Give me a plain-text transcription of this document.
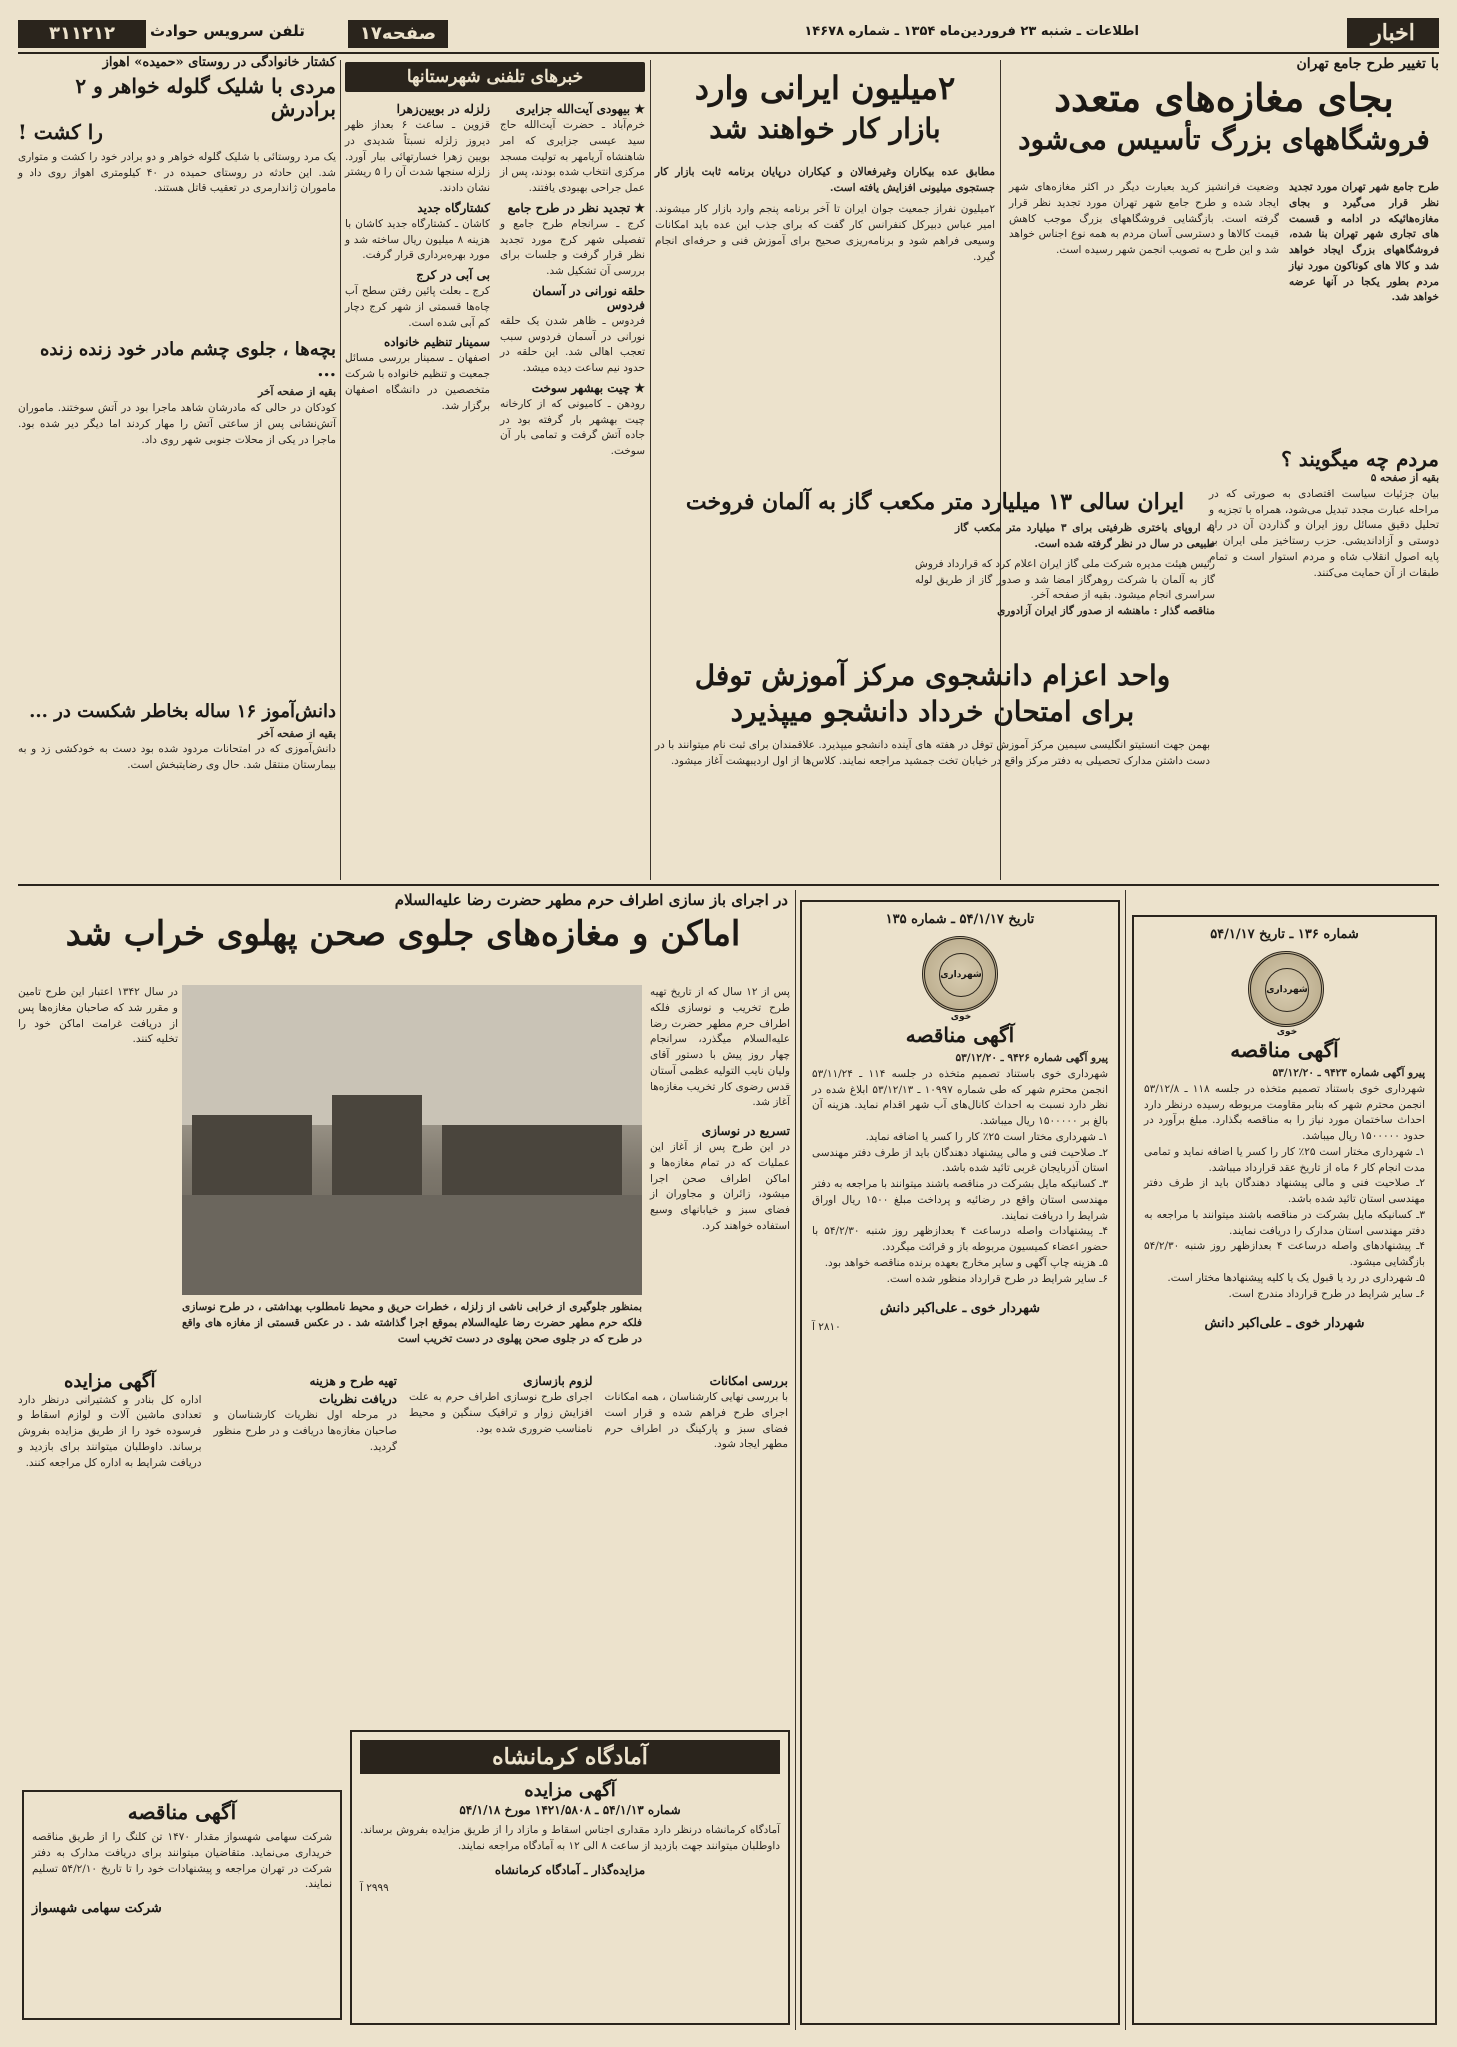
اخبار
اطلاعات ـ شنبه ۲۳ فروردین‌ماه ۱۳۵۴ ـ شماره ۱۴۶۷۸
صفحه۱۷
تلفن سرویس حوادث
۳۱۱۲۱۲
با تغییر طرح جامع تهران
بجای مغازه‌های متعدد
فروشگاههای بزرگ تأسیس می‌شود
طرح جامع شهر تهران مورد تجدید نظر قرار می‌گیرد و بجای مغازه‌هائیکه در ادامه و قسمت های تجاری شهر تهران بنا شده، فروشگاههای بزرگ ایجاد خواهد شد و کالا های کوناکون مورد نیاز مردم بطور یکجا در آنها عرضه خواهد شد.
وضعیت فرانشیز کرید بعبارت دیگر در اکثر مغازه‌های شهر ایجاد شده و طرح جامع شهر تهران مورد تجدید نظر قرار گرفته است. بازگشایی فروشگاههای بزرگ موجب کاهش قیمت کالاها و دسترسی آسان مردم به همه نوع اجناس خواهد شد و این طرح به تصویب انجمن شهر رسیده است.
مردم چه میگویند ؟
بقیه از صفحه ۵
بیان جزئیات سیاست اقتصادی به صورتی که در مراحله عبارت مجدد تبدیل می‌شود، همراه با تجزیه و تحلیل دقیق مسائل روز ایران و گذاردن آن در راه دوستی و آزاداندیشی. حزب رستاخیز ملی ایران بر پایه اصول انقلاب شاه و مردم استوار است و تمام طبقات از آن حمایت می‌کنند.
۲میلیون ایرانی وارد
بازار کار خواهند شد
مطابق عده بیکاران وغیرفعالان و کیکاران درپایان برنامه ثابت بازار کار جستجوی میلیونی افزایش یافته است.
۲میلیون نفراز جمعیت جوان ایران تا آخر برنامه پنجم وارد بازار کار میشوند. امیر عباس دبیرکل کنفرانس کار گفت که برای جذب این عده باید امکانات وسیعی فراهم شود و برنامه‌ریزی صحیح برای آموزش فنی و حرفه‌ای انجام گیرد.
ایران سالی ۱۳ میلیارد متر مکعب گاز به آلمان فروخت
به اروپای باختری ظرفیتی برای ۳ میلیارد متر مکعب گاز طبیعی در سال در نظر گرفته شده است.
رئیس هیئت مدیره شرکت ملی گاز ایران اعلام کرد که قرارداد فروش گاز به آلمان با شرکت روهرگاز امضا شد و صدور گاز از طریق لوله سراسری انجام میشود. بقیه از صفحه آخر.
مناقصه گذار : ماهنشه از صدور گاز ایران آزادوری
واحد اعزام دانشجوی مرکز آموزش توفل
برای امتحان خرداد دانشجو میپذیرد
بهمن جهت انستیتو انگلیسی سیمین مرکز آموزش توفل در هفته های آینده دانشجو میپذیرد. علاقمندان برای ثبت نام میتوانند با در دست داشتن مدارک تحصیلی به دفتر مرکز واقع در خیابان تخت جمشید مراجعه نمایند. کلاس‌ها از اول اردیبهشت آغاز میشود.
خبرهای تلفنی شهرستانها
★ بیهودی آیت‌الله جزایری
خرم‌آباد ـ حضرت آیت‌الله حاج سید عیسی جزایری که امر شاهنشاه آریامهر به تولیت مسجد مرکزی انتخاب شده بودند، پس از عمل جراحی بهبودی یافتند.
★ تجدید نظر در طرح جامع
کرج ـ سرانجام طرح جامع و تفصیلی شهر کرج مورد تجدید نظر قرار گرفت و جلسات برای بررسی آن تشکیل شد.
حلقه نورانی در آسمان فردوس
فردوس ـ ظاهر شدن یک حلقه نورانی در آسمان فردوس سبب تعجب اهالی شد. این حلقه در حدود نیم ساعت دیده میشد.
★ چیت بهشهر سوخت
رودهن ـ کامیونی که از کارخانه چیت بهشهر بار گرفته بود در جاده آتش گرفت و تمامی بار آن سوخت.
زلزله در بویین‌زهرا
قزوین ـ ساعت ۶ بعداز ظهر دیروز زلزله نسبتاً شدیدی در بویین زهرا خسارتهائی ببار آورد. زلزله سنجها شدت آن را ۵ ریشتر نشان دادند.
کشتارگاه جدید
کاشان ـ کشتارگاه جدید کاشان با هزینه ۸ میلیون ریال ساخته شد و مورد بهره‌برداری قرار گرفت.
بی آبی در کرج
کرج ـ بعلت پائین رفتن سطح آب چاه‌ها قسمتی از شهر کرج دچار کم آبی شده است.
سمینار تنظیم خانواده
اصفهان ـ سمینار بررسی مسائل جمعیت و تنظیم خانواده با شرکت متخصصین در دانشگاه اصفهان برگزار شد.
کشتار خانوادگی در روستای «حمیده» اهواز
مردی با شلیک گلوله خواهر و ۲ برادرش
را کشت !
یک مرد روستائی با شلیک گلوله خواهر و دو برادر خود را کشت و متواری شد. این حادثه در روستای حمیده در ۴۰ کیلومتری اهواز روی داد و ماموران ژاندارمری در تعقیب قاتل هستند.
بچه‌ها ، جلوی چشم مادر خود زنده زنده ...
بقیه از صفحه آخر
کودکان در حالی که مادرشان شاهد ماجرا بود در آتش سوختند. ماموران آتش‌نشانی پس از ساعتی آتش را مهار کردند اما دیگر دیر شده بود. ماجرا در یکی از محلات جنوبی شهر روی داد.
دانش‌آموز ۱۶ ساله بخاطر شکست در ...
بقیه از صفحه آخر
دانش‌آموزی که در امتحانات مردود شده بود دست به خودکشی زد و به بیمارستان منتقل شد. حال وی رضایتبخش است.
در اجرای باز سازی اطراف حرم مطهر حضرت رضا علیه‌السلام
اماکن و مغازه‌های جلوی صحن پهلوی خراب شد
پس از ۱۲ سال که از تاریخ تهیه طرح تخریب و نوسازی فلکه اطراف حرم مطهر حضرت رضا علیه‌السلام میگذرد، سرانجام چهار روز پیش با دستور آقای ولیان نایب التولیه عظمی آستان قدس رضوی کار تخریب مغازه‌ها آغاز شد.
تسریع در نوسازی
در این طرح پس از آغاز این عملیات که در تمام مغازه‌ها و اماکن اطراف صحن اجرا میشود، زائران و مجاوران از فضای سبز و خیابانهای وسیع استفاده خواهند کرد.
بمنظور جلوگیری از خرابی ناشی از زلزله ، خطرات حریق و محیط نامطلوب بهداشتی ، در طرح نوسازی فلکه حرم مطهر حضرت رضا علیه‌السلام بموقع اجرا گذاشته شد . در عکس قسمتی از مغازه های واقع در طرح که در جلوی صحن پهلوی در دست تخریب است
در سال ۱۳۴۲ اعتبار این طرح تامین و مقرر شد که صاحبان مغازه‌ها پس از دریافت غرامت اماکن خود را تخلیه کنند.
بررسی امکانات
با بررسی نهایی کارشناسان ، همه امکانات اجرای طرح فراهم شده و قرار است فضای سبز و پارکینگ در اطراف حرم مطهر ایجاد شود.
لزوم بازسازی
اجرای طرح نوسازی اطراف حرم به علت افزایش زوار و ترافیک سنگین و محیط نامناسب ضروری شده بود.
تهیه طرح و هزینه
دریافت نظریات
در مرحله اول نظریات کارشناسان و صاحبان مغازه‌ها دریافت و در طرح منظور گردید.
آگهی مزایده
اداره کل بنادر و کشتیرانی درنظر دارد تعدادی ماشین آلات و لوازم اسقاط و فرسوده خود را از طریق مزایده بفروش برساند. داوطلبان میتوانند برای بازدید و دریافت شرایط به اداره کل مراجعه کنند.
آگهی مناقصه
شرکت سهامی شهسواز مقدار ۱۴۷۰ تن کلنگ را از طریق مناقصه خریداری می‌نماید. متقاضیان میتوانند برای دریافت مدارک به دفتر شرکت در تهران مراجعه و پیشنهادات خود را تا تاریخ ۵۴/۲/۱۰ تسلیم نمایند.
شرکت سهامی شهسواز
آمادگاه کرمانشاه
آگهی مزایده
شماره ۵۴/۱/۱۳ ـ ۱۴۲۱/۵۸۰۸ مورخ ۵۴/۱/۱۸
آمادگاه کرمانشاه درنظر دارد مقداری اجناس اسقاط و مازاد را از طریق مزایده بفروش برساند. داوطلبان میتوانند جهت بازدید از ساعت ۸ الی ۱۲ به آمادگاه مراجعه نمایند.
مزایده‌گذار ـ آمادگاه کرمانشاه
۲۹۹۹ آ
تاریخ ۵۴/۱/۱۷ ـ شماره ۱۳۵
شهرداری خوی
آگهی مناقصه
پیرو آگهی شماره ۹۴۲۶ ـ ۵۳/۱۲/۲۰
شهرداری خوی باستناد تصمیم متخذه در جلسه ۱۱۴ ـ ۵۳/۱۱/۲۴ انجمن محترم شهر که طی شماره ۱۰۹۹۷ ـ ۵۳/۱۲/۱۳ ابلاغ شده در نظر دارد نسبت به احداث کانال‌های آب شهر اقدام نماید. هزینه آن بالغ بر ۱۵۰۰۰۰۰ ریال میباشد.
۱ـ شهرداری مختار است ۲۵٪ کار را کسر یا اضافه نماید.
۲ـ صلاحیت فنی و مالی پیشنهاد دهندگان باید از طرف دفتر مهندسی استان آذربایجان غربی تائید شده باشد.
۳ـ کسانیکه مایل بشرکت در مناقصه باشند میتوانند با مراجعه به دفتر مهندسی استان واقع در رضائیه و پرداخت مبلغ ۱۵۰۰ ریال اوراق شرایط را دریافت نمایند.
۴ـ پیشنهادات واصله درساعت ۴ بعدازظهر روز شنبه ۵۴/۲/۳۰ با حضور اعضاء کمیسیون مربوطه باز و قرائت میگردد.
۵ـ هزینه چاپ آگهی و سایر مخارج بعهده برنده مناقصه خواهد بود.
۶ـ سایر شرایط در طرح قرارداد منظور شده است.
شهردار خوی ـ علی‌اکبر دانش
۲۸۱۰ آ
شماره ۱۳۶ ـ تاریخ ۵۴/۱/۱۷
شهرداری خوی
آگهی مناقصه
پیرو آگهی شماره ۹۴۲۳ ـ ۵۳/۱۲/۲۰
شهرداری خوی باستناد تصمیم متخذه در جلسه ۱۱۸ ـ ۵۳/۱۲/۸ انجمن محترم شهر که بنابر مقاومت مربوطه رسیده درنظر دارد احداث ساختمان مورد نیاز را به مناقصه بگذارد. مبلغ برآورد در حدود ۱۵۰۰۰۰۰ ریال میباشد.
۱ـ شهرداری مختار است ۲۵٪ کار را کسر یا اضافه نماید و تمامی مدت انجام کار ۶ ماه از تاریخ عقد قرارداد میباشد.
۲ـ صلاحیت فنی و مالی پیشنهاد دهندگان باید از طرف دفتر مهندسی استان تائید شده باشد.
۳ـ کسانیکه مایل بشرکت در مناقصه باشند میتوانند با مراجعه به دفتر مهندسی استان مدارک را دریافت نمایند.
۴ـ پیشنهادهای واصله درساعت ۴ بعدازظهر روز شنبه ۵۴/۲/۳۰ بازگشایی میشود.
۵ـ شهرداری در رد یا قبول یک یا کلیه پیشنهادها مختار است.
۶ـ سایر شرایط در طرح قرارداد مندرج است.
شهردار خوی ـ علی‌اکبر دانش
